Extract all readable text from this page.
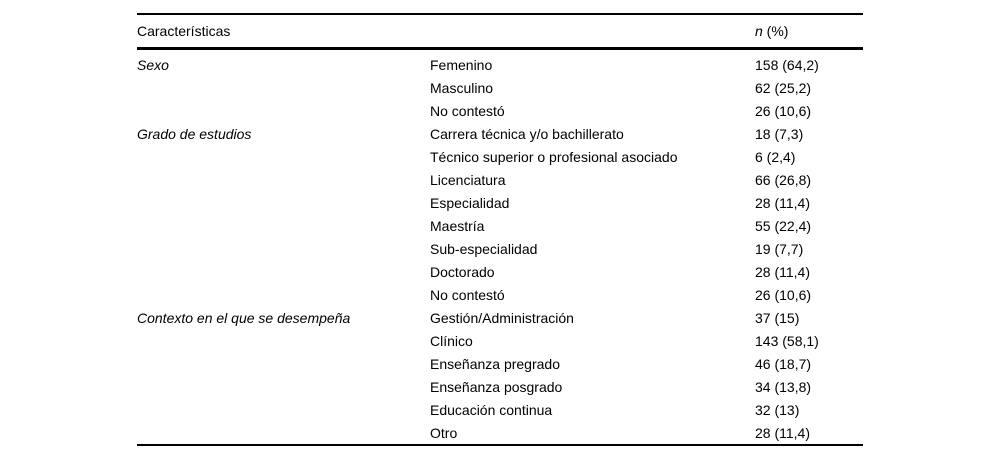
Características		n (%)
Sexo	Femenino	158 (64,2)
	Masculino	62 (25,2)
	No contestó	26 (10,6)
Grado de estudios	Carrera técnica y/o bachillerato	18 (7,3)
	Técnico superior o profesional asociado	6 (2,4)
	Licenciatura	66 (26,8)
	Especialidad	28 (11,4)
	Maestría	55 (22,4)
	Sub-especialidad	19 (7,7)
	Doctorado	28 (11,4)
	No contestó	26 (10,6)
Contexto en el que se desempeña	Gestión/Administración	37 (15)
	Clínico	143 (58,1)
	Enseñanza pregrado	46 (18,7)
	Enseñanza posgrado	34 (13,8)
	Educación continua	32 (13)
	Otro	28 (11,4)
